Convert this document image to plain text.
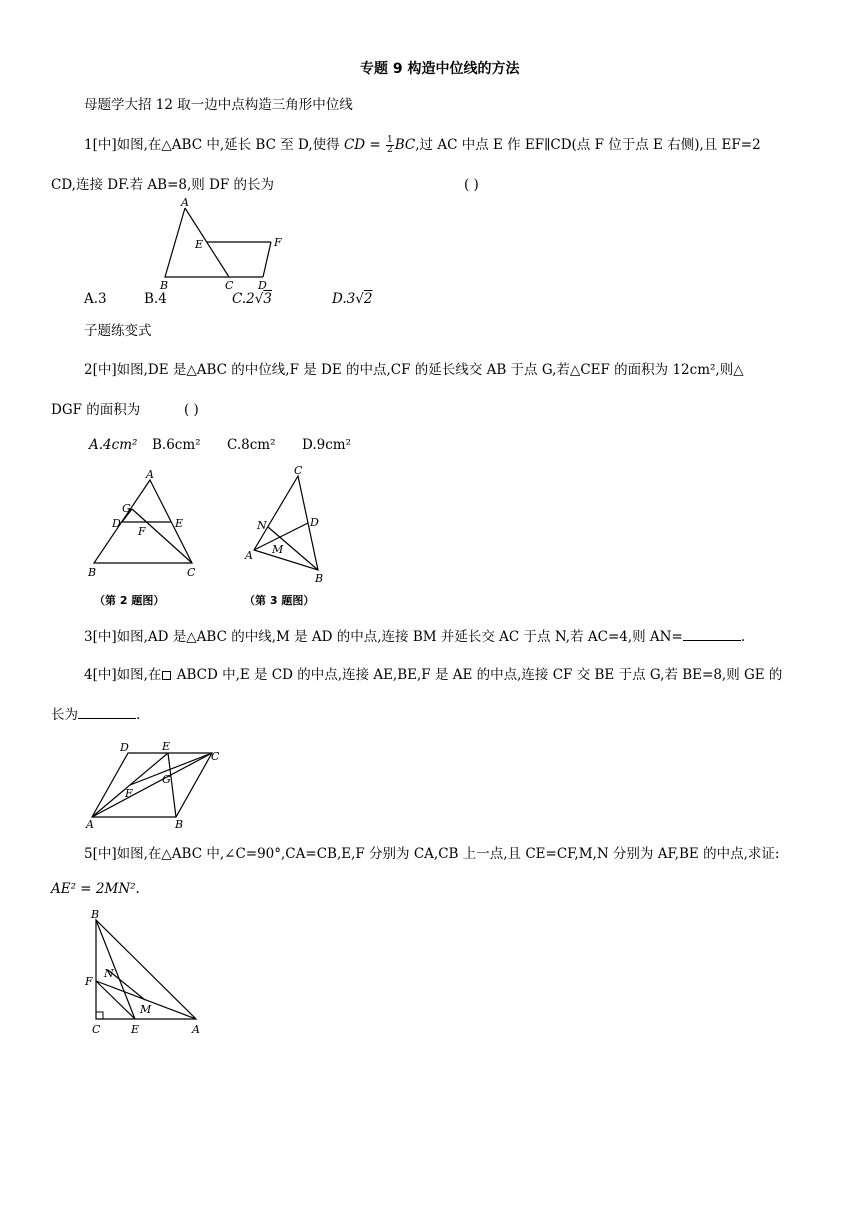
专题 9 构造中位线的方法
母题学大招 12 取一边中点构造三角形中位线
1[中]如图,在△ABC 中,延长 BC 至 D,使得 CD = $\frac{1}{2}$ BC,过 AC 中点 E 作 EF∥CD(点 F 位于点 E 右侧),且 EF=2
CD,连接 DF.若 AB=8,则 DF 的长为	( )
A
B	C D
E	F
A.3	B.4	C.2√3	D.3√2
子题练变式
2[中]如图,DE 是△ABC 的中位线,F 是 DE 的中点,CF 的延长线交 AB 于点 G,若△CEF 的面积为 12cm²,则△
DGF 的面积为	( )
A.4cm² B.6cm² C.8cm² D.9cm²
A
B	C
D	E
F
G
（第 2 题图）
C
A
B
D
N
M
（第 3 题图）
3[中]如图,AD 是△ABC 的中线,M 是 AD 的中点,连接 BM 并延长交 AC 于点 N,若 AC=4,则 AN=	.
4[中]如图,在 ABCD 中,E 是 CD 的中点,连接 AE,BE,F 是 AE 的中点,连接 CF 交 BE 于点 G,若 BE=8,则 GE 的
长为	.
A	B
C
D	E
F
G
5[中]如图,在△ABC 中,∠C=90°,CA=CB,E,F 分别为 CA,CB 上一点,且 CE=CF,M,N 分别为 AF,BE 的中点,求证:
AE² = 2MN².
B
F
N
M
C	E	A
